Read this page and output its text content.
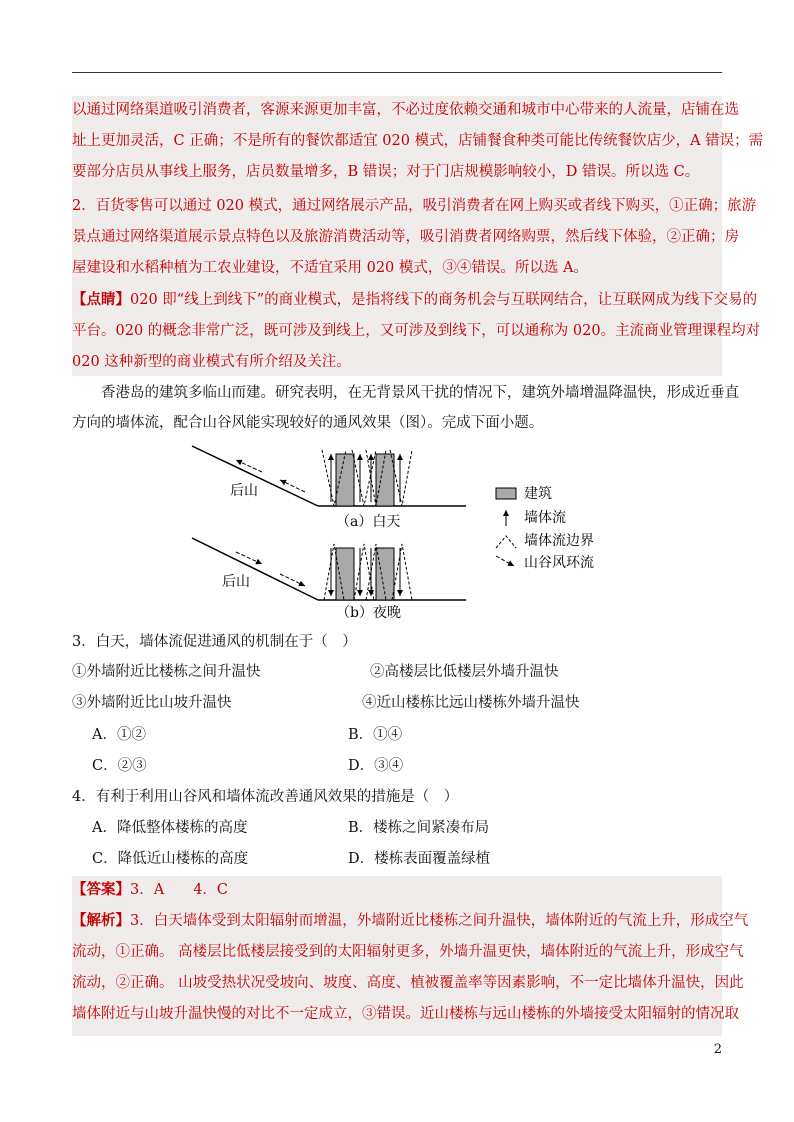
以通过网络渠道吸引消费者，客源来源更加丰富，不必过度依赖交通和城市中心带来的人流量，店铺在选
址上更加灵活，C 正确；不是所有的餐饮都适宜 020 模式，店铺餐食种类可能比传统餐饮店少，A 错误；需
要部分店员从事线上服务，店员数量增多，B 错误；对于门店规模影响较小，D 错误。所以选 C。
2．百货零售可以通过 020 模式，通过网络展示产品，吸引消费者在网上购买或者线下购买，①正确；旅游
景点通过网络渠道展示景点特色以及旅游消费活动等，吸引消费者网络购票，然后线下体验，②正确；房
屋建设和水稻种植为工农业建设，不适宜采用 020 模式，③④错误。所以选 A。
【点睛】020 即“线上到线下”的商业模式，是指将线下的商务机会与互联网结合，让互联网成为线下交易的
平台。020 的概念非常广泛，既可涉及到线上，又可涉及到线下，可以通称为 020。主流商业管理课程均对
020 这种新型的商业模式有所介绍及关注。
香港岛的建筑多临山而建。研究表明，在无背景风干扰的情况下，建筑外墙增温降温快，形成近垂直
方向的墙体流，配合山谷风能实现较好的通风效果（图）。完成下面小题。
后山
（a）白天
后山
（b）夜晚
建筑
墙体流
墙体流边界
山谷风环流
3．白天，墙体流促进通风的机制在于（　）
①外墙附近比楼栋之间升温快	②高楼层比低楼层外墙升温快
③外墙附近比山坡升温快	④近山楼栋比远山楼栋外墙升温快
A．①②	B．①④
C．②③	D．③④
4．有利于利用山谷风和墙体流改善通风效果的措施是（　）
A．降低整体楼栋的高度	B．楼栋之间紧凑布局
C．降低近山楼栋的高度	D．楼栋表面覆盖绿植
【答案】3．A　　4．C
【解析】3．白天墙体受到太阳辐射而增温，外墙附近比楼栋之间升温快，墙体附近的气流上升，形成空气
流动，①正确。 高楼层比低楼层接受到的太阳辐射更多，外墙升温更快，墙体附近的气流上升，形成空气
流动，②正确。 山坡受热状况受坡向、坡度、高度、植被覆盖率等因素影响，不一定比墙体升温快，因此
墙体附近与山坡升温快慢的对比不一定成立，③错误。近山楼栋与远山楼栋的外墙接受太阳辐射的情况取
2
